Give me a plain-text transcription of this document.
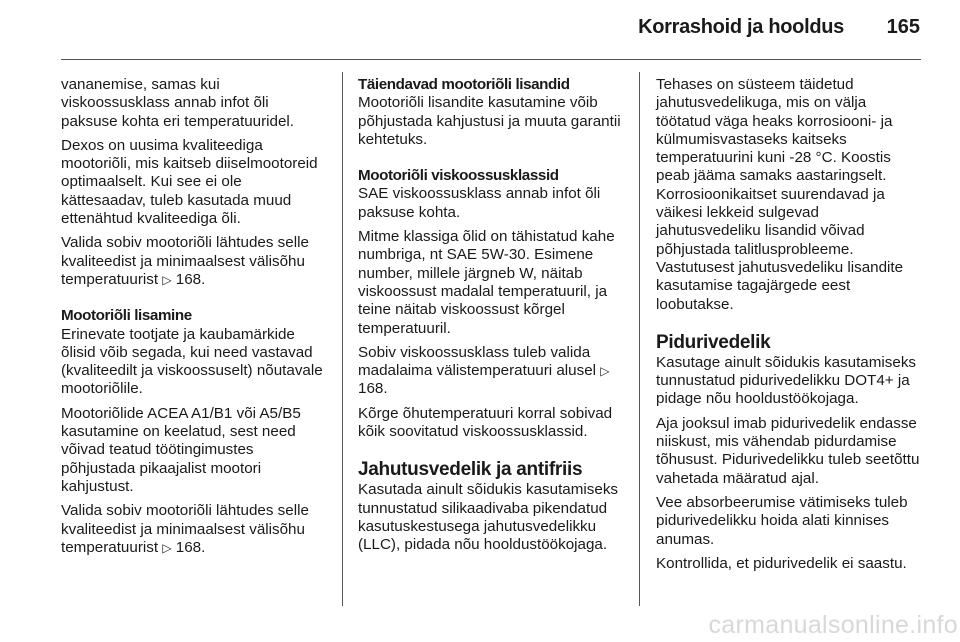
Korrashoid ja hooldus 165

vananemise, samas kui viskoossusklass annab infot õli paksuse kohta eri temperatuuridel.

Dexos on uusima kvaliteediga mootoriõli, mis kaitseb diiselmootoreid optimaalselt. Kui see ei ole kättesaadav, tuleb kasutada muud ettenähtud kvaliteediga õli.

Valida sobiv mootoriõli lähtudes selle kvaliteedist ja minimaalsest välisõhu temperatuurist ▷ 168.

Mootoriõli lisamine

Erinevate tootjate ja kaubamärkide õlisid võib segada, kui need vastavad (kvaliteedilt ja viskoossuselt) nõutavale mootoriõlile.

Mootoriõlide ACEA A1/B1 või A5/B5 kasutamine on keelatud, sest need võivad teatud töötingimustes põhjustada pikaajalist mootori kahjustust.

Valida sobiv mootoriõli lähtudes selle kvaliteedist ja minimaalsest välisõhu temperatuurist ▷ 168.

Täiendavad mootoriõli lisandid

Mootoriõli lisandite kasutamine võib põhjustada kahjustusi ja muuta garantii kehtetuks.

Mootoriõli viskoossusklassid

SAE viskoossusklass annab infot õli paksuse kohta.

Mitme klassiga õlid on tähistatud kahe numbriga, nt SAE 5W-30. Esimene number, millele järgneb W, näitab viskoossust madalal temperatuuril, ja teine näitab viskoossust kõrgel temperatuuril.

Sobiv viskoossusklass tuleb valida madalaima välistemperatuuri alusel ▷ 168.

Kõrge õhutemperatuuri korral sobivad kõik soovitatud viskoossusklassid.

Jahutusvedelik ja antifriis

Kasutada ainult sõidukis kasutamiseks tunnustatud silikaadivaba pikendatud kasutuskestusega jahutusvedelikku (LLC), pidada nõu hooldustöökojaga.

Tehases on süsteem täidetud jahutusvedelikuga, mis on välja töötatud väga heaks korrosiooni- ja külmumisvastaseks kaitseks temperatuurini kuni -28 °C. Koostis peab jääma samaks aastaringselt. Korrosioonikaitset suurendavad ja väikesi lekkeid sulgevad jahutusvedeliku lisandid võivad põhjustada talitlusprobleeme. Vastutusest jahutusvedeliku lisandite kasutamise tagajärgede eest loobutakse.

Pidurivedelik

Kasutage ainult sõidukis kasutamiseks tunnustatud pidurivedelikku DOT4+ ja pidage nõu hooldustöökojaga.

Aja jooksul imab pidurivedelik endasse niiskust, mis vähendab pidurdamise tõhusust. Pidurivedelikku tuleb seetõttu vahetada määratud ajal.

Vee absorbeerumise vätimiseks tuleb pidurivedelikku hoida alati kinnises anumas.

Kontrollida, et pidurivedelik ei saastu.

carmanualsonline.info
